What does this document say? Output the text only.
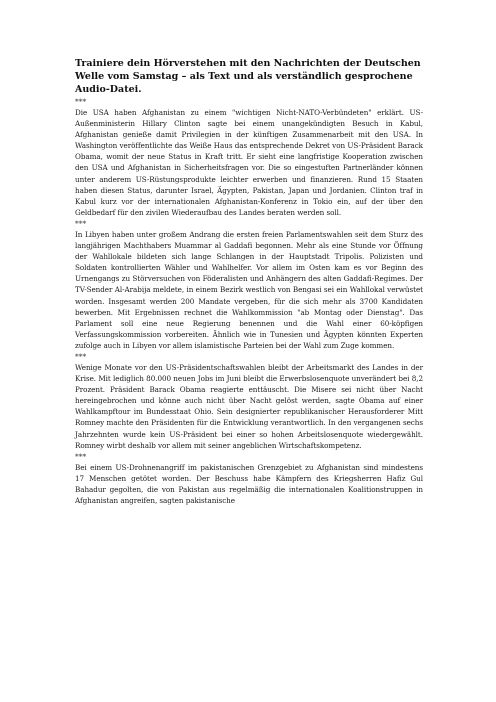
Trainiere dein Hörverstehen mit den Nachrichten der Deutschen Welle vom Samstag – als Text und als verständlich gesprochene Audio-Datei.

***

Die USA haben Afghanistan zu einem "wichtigen Nicht-NATO-Verbündeten" erklärt. US-Außenministerin Hillary Clinton sagte bei einem unangekündigten Besuch in Kabul, Afghanistan genieße damit Privilegien in der künftigen Zusammenarbeit mit den USA. In Washington veröffentlichte das Weiße Haus das entsprechende Dekret von US-Präsident Barack Obama, womit der neue Status in Kraft tritt. Er sieht eine langfristige Kooperation zwischen den USA und Afghanistan in Sicherheitsfragen vor. Die so eingestuften Partnerländer können unter anderem US-Rüstungsprodukte leichter erwerben und finanzieren. Rund 15 Staaten haben diesen Status, darunter Israel, Ägypten, Pakistan, Japan und Jordanien. Clinton traf in Kabul kurz vor der internationalen Afghanistan-Konferenz in Tokio ein, auf der über den Geldbedarf für den zivilen Wiederaufbau des Landes beraten werden soll.

***

In Libyen haben unter großem Andrang die ersten freien Parlamentswahlen seit dem Sturz des langjährigen Machthabers Muammar al Gaddafi begonnen. Mehr als eine Stunde vor Öffnung der Wahllokale bildeten sich lange Schlangen in der Hauptstadt Tripolis. Polizisten und Soldaten kontrollierten Wähler und Wahlhelfer. Vor allem im Osten kam es vor Beginn des Urnengangs zu Störversuchen von Föderalisten und Anhängern des alten Gaddafi-Regimes. Der TV-Sender Al-Arabija meldete, in einem Bezirk westlich von Bengasi sei ein Wahllokal verwüstet worden. Insgesamt werden 200 Mandate vergeben, für die sich mehr als 3700 Kandidaten bewerben. Mit Ergebnissen rechnet die Wahlkommission "ab Montag oder Dienstag". Das Parlament soll eine neue Regierung benennen und die Wahl einer 60-köpfigen Verfassungskommission vorbereiten. Ähnlich wie in Tunesien und Ägypten könnten Experten zufolge auch in Libyen vor allem islamistische Parteien bei der Wahl zum Zuge kommen.

***

Wenige Monate vor den US-Präsidentschaftswahlen bleibt der Arbeitsmarkt des Landes in der Krise. Mit lediglich 80.000 neuen Jobs im Juni bleibt die Erwerbslosenquote unverändert bei 8,2 Prozent. Präsident Barack Obama reagierte enttäuscht. Die Misere sei nicht über Nacht hereingebrochen und könne auch nicht über Nacht gelöst werden, sagte Obama auf einer Wahlkampftour im Bundesstaat Ohio. Sein designierter republikanischer Herausforderer Mitt Romney machte den Präsidenten für die Entwicklung verantwortlich. In den vergangenen sechs Jahrzehnten wurde kein US-Präsident bei einer so hohen Arbeitslosenquote wiedergewählt. Romney wirbt deshalb vor allem mit seiner angeblichen Wirtschaftskompetenz.

***

Bei einem US-Drohnenangriff im pakistanischen Grenzgebiet zu Afghanistan sind mindestens 17 Menschen getötet worden. Der Beschuss habe Kämpfern des Kriegsherren Hafiz Gul Bahadur gegolten, die von Pakistan aus regelmäßig die internationalen Koalitionstruppen in Afghanistan angreifen, sagten pakistanische
